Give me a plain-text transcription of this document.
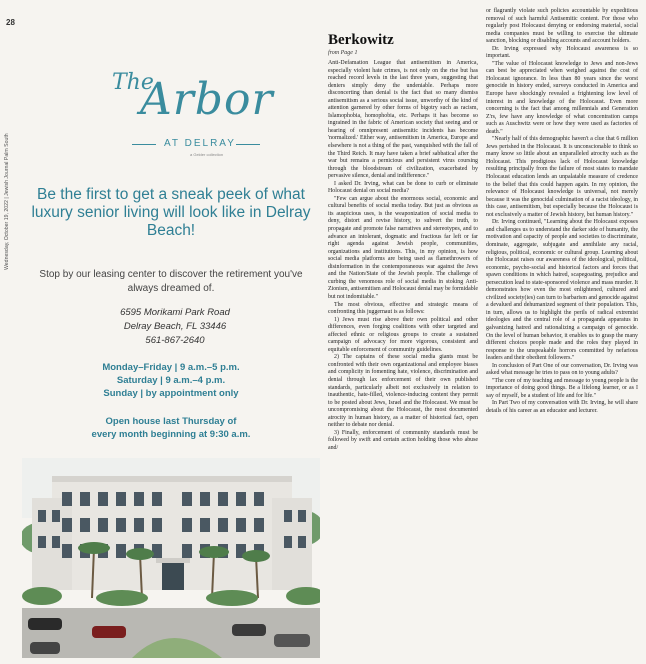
28
Wednesday, October 19, 2022 | Jewish Journal Palm South
The
Arbor
AT DELRAY
a Gelder collection
Be the first to get a sneak peek of what luxury senior living will look like in Delray Beach!
Stop by our leasing center to discover the retirement you've always dreamed of.
6595 Morikami Park Road
Delray Beach, FL 33446
561-867-2640
Monday–Friday | 9 a.m.–5 p.m.
Saturday | 9 a.m.–4 p.m.
Sunday | by appointment only
Open house last Thursday of
every month beginning at 9:30 a.m.
Berkowitz
from Page 1

Anti-Defamation League that antisemitism in America, especially violent hate crimes, is not only on the rise but has reached record levels in the last three years, suggesting that deniers simply deny the undeniable. Perhaps more disconcerting than denial is the fact that so many dismiss antisemitism as a serious social issue, unworthy of the kind of attention garnered by other forms of bigotry such as racism, Islamophobia, homophobia, etc. Perhaps it has become so ingrained in the fabric of American society that seeing and or hearing of omnipresent antisemitic incidents has become 'normalized.' Either way, antisemitism in America, Europe and elsewhere is not a thing of the past, vanquished with the fall of the Third Reich. It may have taken a brief sabbatical after the war but remains a pernicious and persistent virus coursing through the bloodstream of civilization, exacerbated by pervasive silence, denial and indifference."

I asked Dr. Irving, what can be done to curb or eliminate Holocaust denial on social media?

"Few can argue about the enormous social, economic and cultural benefits of social media today. But just as obvious as its auspicious uses, is the weaponization of social media to deny, distort and revise history, to subvert the truth, to propagate and promote false narratives and stereotypes, and to advance an intolerant, dogmatic and fractious far left or far right agenda against Jewish people, communities, organizations and institutions. This, in my opinion, is how social media platforms are being used as flamethrowers of disinformation in the contemporaneous war against the Jews and the Nation/State of the Jewish people. The challenge of curbing the venomous role of social media in stoking Anti-Zionism, antisemitism and Holocaust denial may be formidable but not indomitable."

The most obvious, effective and strategic means of confronting this juggernaut is as follows:

1) Jews must rise above their own political and other differences, even forging coalitions with other targeted and affected ethnic or religious groups to create a sustained campaign of advocacy for more vigorous, consistent and equitable enforcement of community guidelines.

2) The captains of these social media giants must be confronted with their own organizational and employee biases and complicity in fomenting hate, violence, discrimination and denial through lax enforcement of their own published standards, particularly albeit not exclusively in relation to inauthentic, hate-filled, violence-inducing content they permit to be posted about Jews, Israel and the Holocaust. We must be uncompromising about the Holocaust, the most documented atrocity in human history, as a matter of historical fact, open neither to debate nor denial.

3) Finally, enforcement of community standards must be followed by swift and certain action holding those who abuse and/

or flagrantly violate such policies accountable by expeditious removal of such harmful Antisemitic content. For those who regularly post Holocaust denying or endorsing material, social media companies must be willing to exercise the ultimate sanction, blocking or disabling accounts and account holders.

Dr. Irving expressed why Holocaust awareness is so important.

"The value of Holocaust knowledge to Jews and non-Jews can best be appreciated when weighed against the cost of Holocaust ignorance. In less than 80 years since the worst genocide in history ended, surveys conducted in America and Europe have shockingly revealed a frightening low level of interest in and knowledge of the Holocaust. Even more concerning is the fact that among millennials and Generation Z'rs, few have any knowledge of what concentration camps such as Auschwitz were or how they were used as factories of death."

"Nearly half of this demographic haven't a clue that 6 million Jews perished in the Holocaust. It is unconscionable to think so many know so little about an unparalleled atrocity such as the Holocaust. This prodigious lack of Holocaust knowledge resulting principally from the failure of most states to mandate Holocaust education lends an unpalatable measure of credence to the belief that this could happen again. In my opinion, the relevance of Holocaust knowledge is universal, not merely because it was the genocidal culmination of a racist ideology, in this case, antisemitism, but especially because the Holocaust is not exclusively a matter of Jewish history, but human history."

Dr. Irving continued, "Learning about the Holocaust exposes and challenges us to understand the darker side of humanity, the motivation and capacity of people and societies to discriminate, dominate, aggregate, subjugate and annihilate any racial, religious, political, economic or cultural group. Learning about the Holocaust raises our awareness of the ideological, political, economic, psycho-social and historical factors and forces that spawn conditions in which hatred, scapegoating, prejudice and persecution lead to state-sponsored violence and mass murder. It demonstrates how even the most enlightened, cultured and civilized society(ies) can turn to barbarism and genocide against a devalued and dehumanized segment of their population. This, in turn, allows us to highlight the perils of radical extremist ideologies and the central role of a propaganda apparatus in galvanizing hatred and rationalizing a campaign of genocide. On the level of human behavior, it enables us to grasp the many different choices people made and the roles they played in response to the unspeakable horrors committed by nefarious leaders and their obedient followers."

In conclusion of Part One of our conversation, Dr. Irving was asked what message he tries to pass on to young adults?

"The core of my teaching and message to young people is the importance of doing good things. Be a lifelong learner, or as I say of myself, be a student of life and for life."

In Part Two of my conversation with Dr. Irving, he will share details of his career as an educator and lecturer.
